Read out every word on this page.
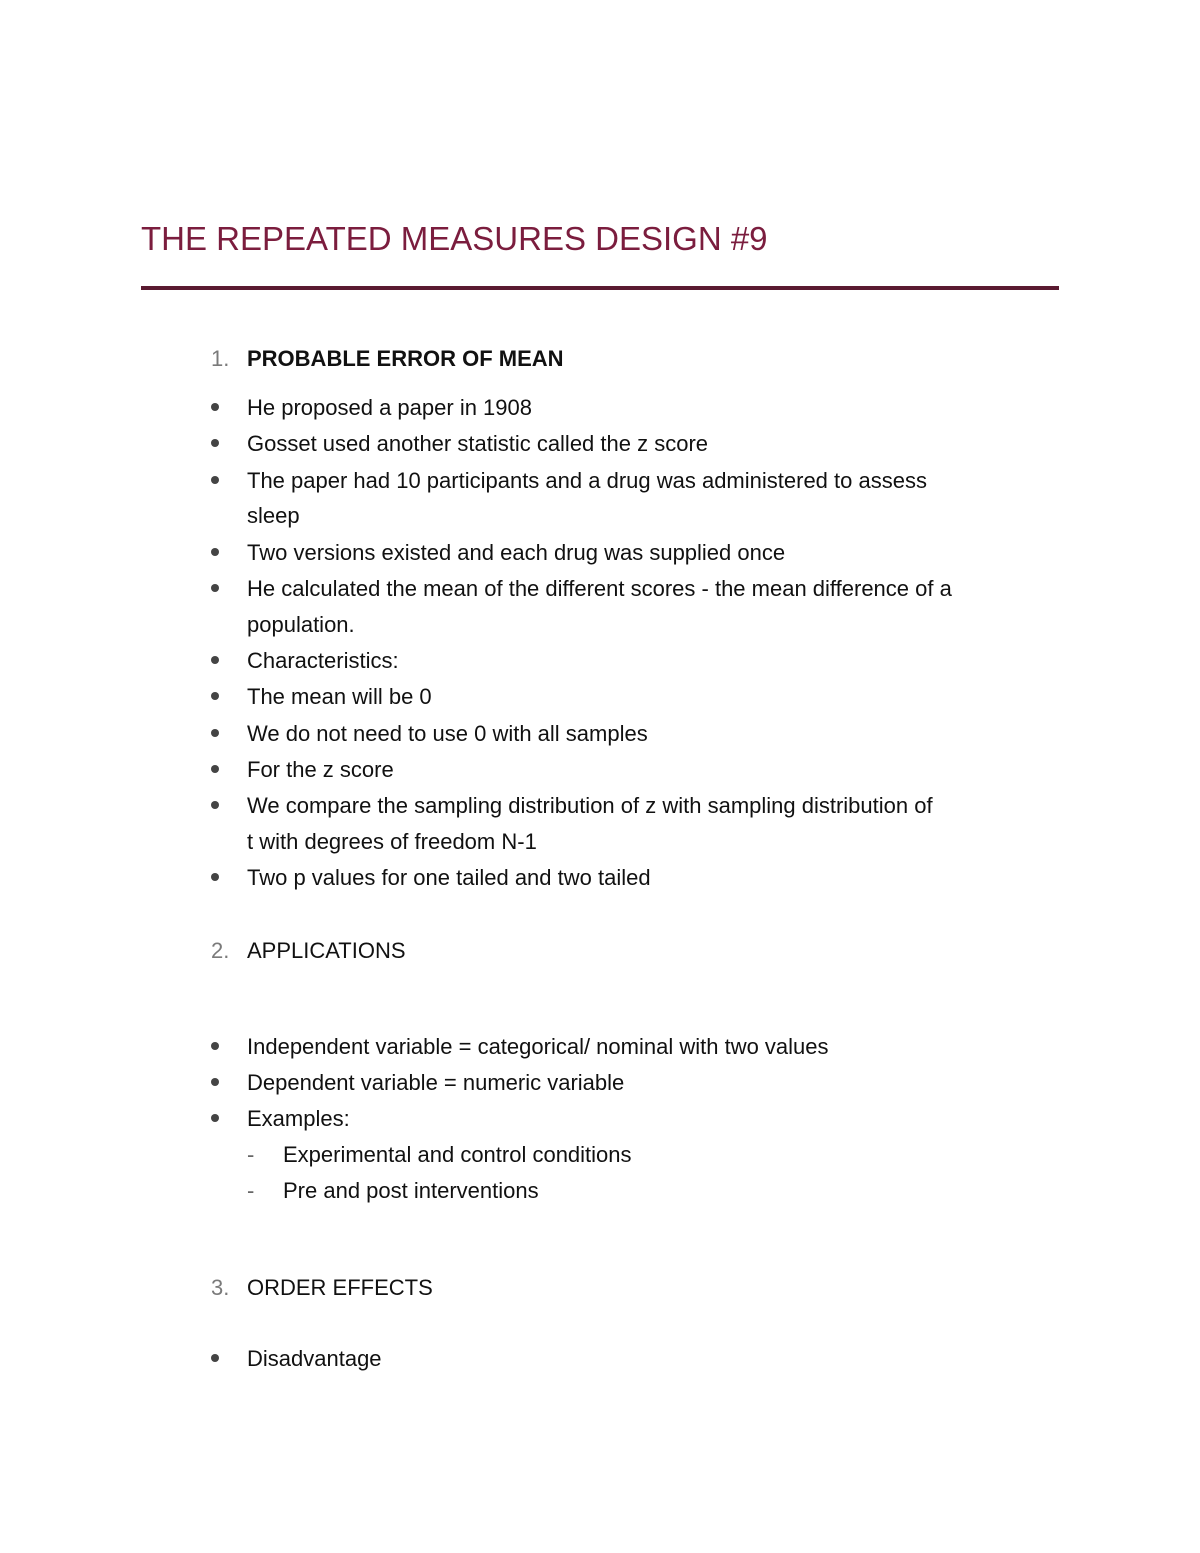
THE REPEATED MEASURES DESIGN #9
1. PROBABLE ERROR OF MEAN
He proposed a paper in 1908
Gosset used another statistic called the z score
The paper had 10 participants and a drug was administered to assess
sleep
Two versions existed and each drug was supplied once
He calculated the mean of the different scores - the mean difference of a
population.
Characteristics:
The mean will be 0
We do not need to use 0 with all samples
For the z score
We compare the sampling distribution of z with sampling distribution of
t with degrees of freedom N-1
Two p values for one tailed and two tailed
2. APPLICATIONS
Independent variable = categorical/ nominal with two values
Dependent variable = numeric variable
Examples:
- Experimental and control conditions
- Pre and post interventions
3. ORDER EFFECTS
Disadvantage
